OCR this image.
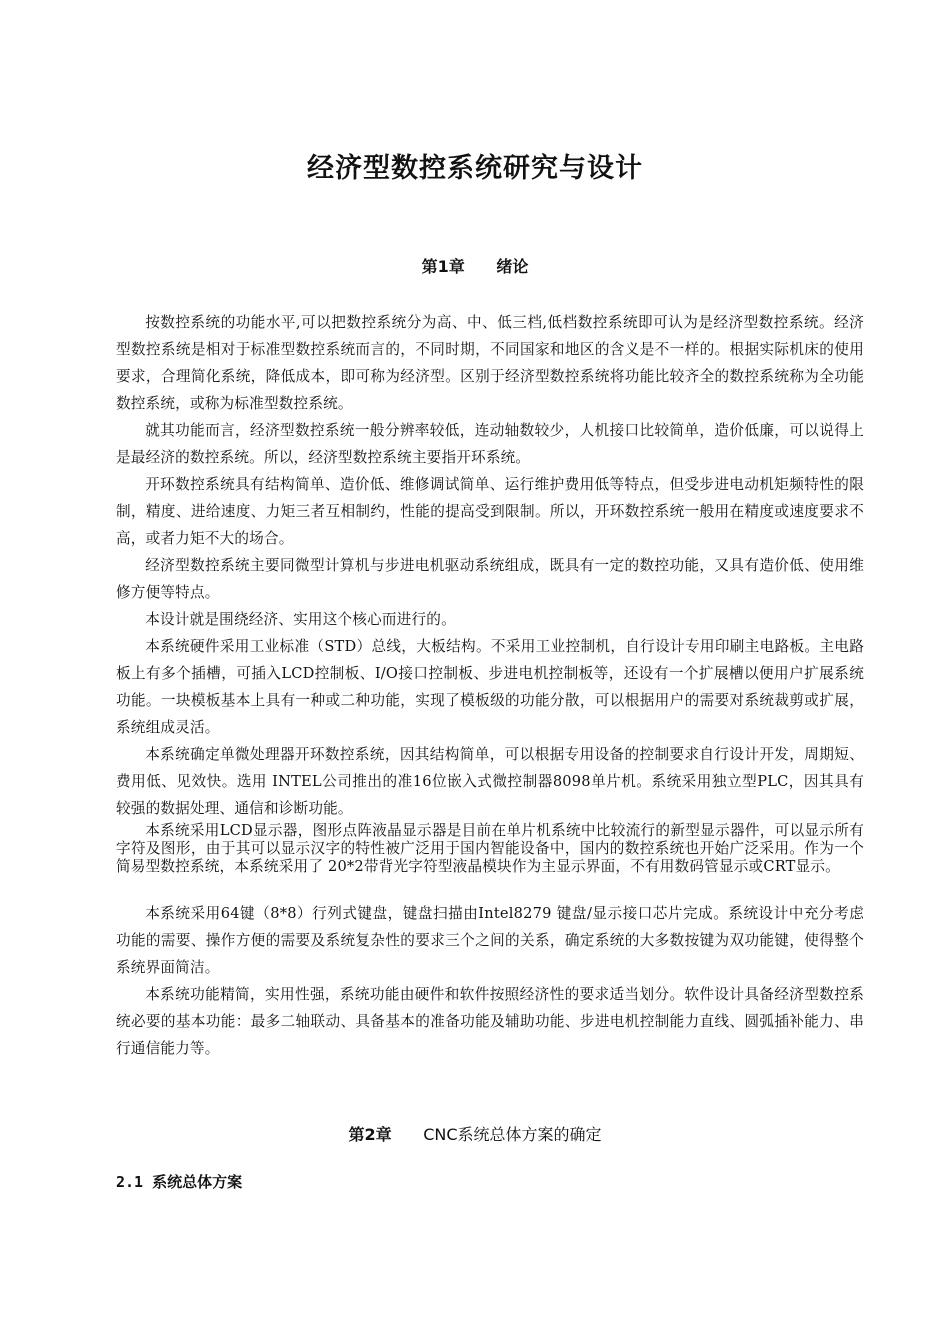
经济型数控系统研究与设计
第1章 绪论

按数控系统的功能水平,可以把数控系统分为高、中、低三档,低档数控系统即可认为是经济型数控系统。经济型数控系统是相对于标准型数控系统而言的，不同时期，不同国家和地区的含义是不一样的。根据实际机床的使用要求，合理简化系统，降低成本，即可称为经济型。区别于经济型数控系统将功能比较齐全的数控系统称为全功能数控系统，或称为标准型数控系统。

就其功能而言，经济型数控系统一般分辨率较低，连动轴数较少，人机接口比较简单，造价低廉，可以说得上是最经济的数控系统。所以，经济型数控系统主要指开环系统。

开环数控系统具有结构简单、造价低、维修调试简单、运行维护费用低等特点，但受步进电动机矩频特性的限制，精度、进给速度、力矩三者互相制约，性能的提高受到限制。所以，开环数控系统一般用在精度或速度要求不高，或者力矩不大的场合。

经济型数控系统主要同微型计算机与步进电机驱动系统组成，既具有一定的数控功能，又具有造价低、使用维修方便等特点。

本设计就是围绕经济、实用这个核心而进行的。

本系统硬件采用工业标准（STD）总线，大板结构。不采用工业控制机，自行设计专用印刷主电路板。主电路板上有多个插槽，可插入LCD控制板、I/O接口控制板、步进电机控制板等，还设有一个扩展槽以便用户扩展系统功能。一块模板基本上具有一种或二种功能，实现了模板级的功能分散，可以根据用户的需要对系统裁剪或扩展，系统组成灵活。

本系统确定单微处理器开环数控系统，因其结构简单，可以根据专用设备的控制要求自行设计开发，周期短、费用低、见效快。选用 INTEL公司推出的准16位嵌入式微控制器8098单片机。系统采用独立型PLC，因其具有较强的数据处理、通信和诊断功能。

本系统采用LCD显示器，图形点阵液晶显示器是目前在单片机系统中比较流行的新型显示器件，可以显示所有字符及图形，由于其可以显示汉字的特性被广泛用于国内智能设备中，国内的数控系统也开始广泛采用。作为一个简易型数控系统，本系统采用了 20*2带背光字符型液晶模块作为主显示界面，不有用数码管显示或CRT显示。

本系统采用64键（8*8）行列式键盘，键盘扫描由Intel8279 键盘/显示接口芯片完成。系统设计中充分考虑功能的需要、操作方便的需要及系统复杂性的要求三个之间的关系，确定系统的大多数按键为双功能键，使得整个系统界面简洁。

本系统功能精简，实用性强，系统功能由硬件和软件按照经济性的要求适当划分。软件设计具备经济型数控系统必要的基本功能：最多二轴联动、具备基本的准备功能及辅助功能、步进电机控制能力直线、圆弧插补能力、串行通信能力等。

第2章 CNC系统总体方案的确定
2.1 系统总体方案
